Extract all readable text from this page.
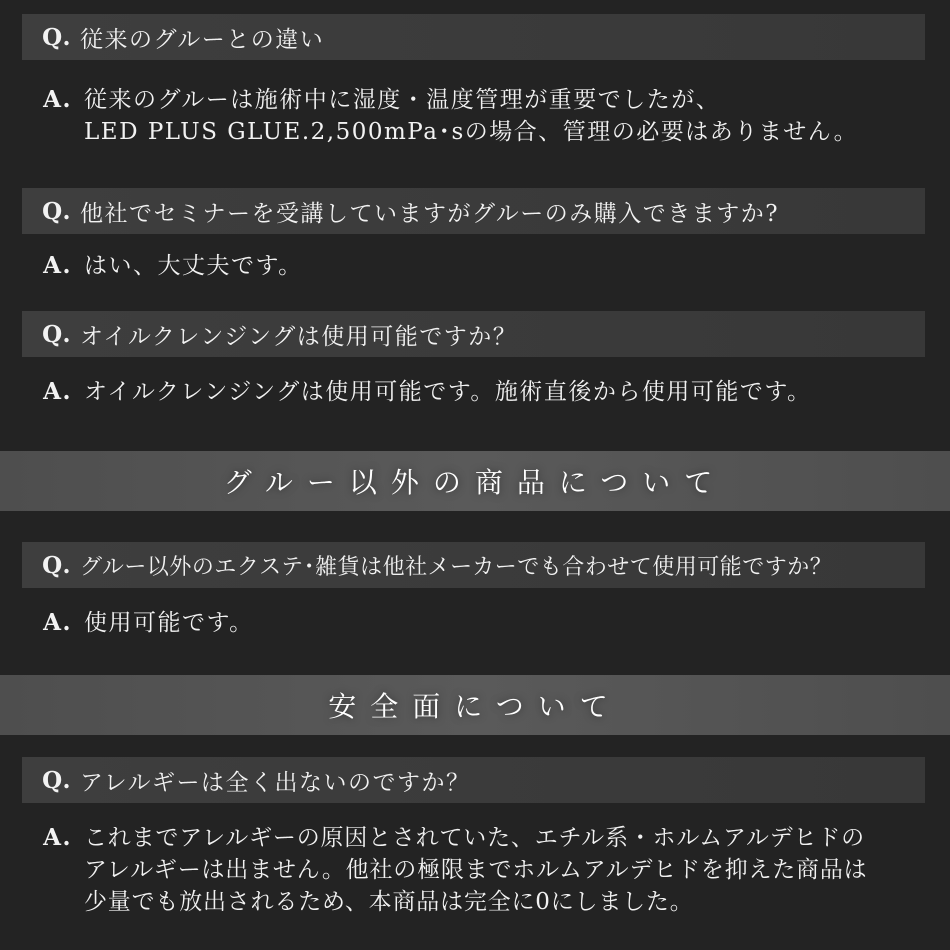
Q. 従来のグルーとの違い
A. 従来のグルーは施術中に湿度・温度管理が重要でしたが、
LED PLUS GLUE.2,500mPa･sの場合、管理の必要はありません。
Q. 他社でセミナーを受講していますがグルーのみ購入できますか?
A. はい、大丈夫です。
Q. オイルクレンジングは使用可能ですか？
A. オイルクレンジングは使用可能です。施術直後から使用可能です。
グルー以外の商品について
Q. グルー以外のエクステ･雑貨は他社メーカーでも合わせて使用可能ですか？
A. 使用可能です。
安全面について
Q. アレルギーは全く出ないのですか？
A. これまでアレルギーの原因とされていた、エチル系・ホルムアルデヒドの
アレルギーは出ません。他社の極限までホルムアルデヒドを抑えた商品は
少量でも放出されるため、本商品は完全に0にしました。
